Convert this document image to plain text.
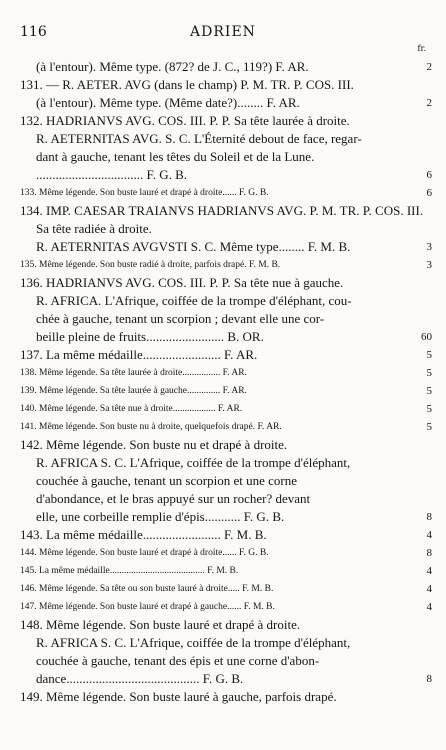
116	ADRIEN
fr.
(à l'entour). Même type. (872? de J. C., 119?) F. AR.	2
131. — R. AETER. AVG (dans le champ) P. M. TR. P. COS. III.
(à l'entour). Même type. (Même date?)........ F. AR.	2
132. HADRIANVS AVG. COS. III. P. P. Sa tête laurée à droite.
R. AETERNITAS AVG. S. C. L'Éternité debout de face, regar-
dant à gauche, tenant les têtes du Soleil et de la Lune.
................................. F. G. B.	6
133. Même légende. Son buste lauré et drapé à droite...... F. G. B.	6
134. IMP. CAESAR TRAIANVS HADRIANVS AVG. P. M. TR. P. COS. III.
Sa tête radiée à droite.
R. AETERNITAS AVGVSTI S. C. Même type........ F. M. B.	3
135. Même légende. Son buste radié à droite, parfois drapé. F. M. B.	3
136. HADRIANVS AVG. COS. III. P. P. Sa tête nue à gauche.
R. AFRICA. L'Afrique, coiffée de la trompe d'éléphant, cou-
chée à gauche, tenant un scorpion ; devant elle une cor-
beille pleine de fruits........................ B. OR.	60
137. La même médaille........................ F. AR.	5
138. Même légende. Sa tête laurée à droite................ F. AR.	5
139. Même légende. Sa tête laurée à gauche.............. F. AR.	5
140. Même légende. Sa tête nue à droite.................. F. AR.	5
141. Même légende. Son buste nu à droite, quelquefois drapé. F. AR.	5
142. Même légende. Son buste nu et drapé à droite.
R. AFRICA S. C. L'Afrique, coiffée de la trompe d'éléphant,
couchée à gauche, tenant un scorpion et une corne
d'abondance, et le bras appuyé sur un rocher? devant
elle, une corbeille remplie d'épis........... F. G. B.	8
143. La même médaille........................ F. M. B.	4
144. Même légende. Son buste lauré et drapé à droite...... F. G. B.	8
145. La même médaille........................................ F. M. B.	4
146. Même légende. Sa tête ou son buste lauré à droite..... F. M. B.	4
147. Même légende. Son buste lauré et drapé à gauche...... F. M. B.	4
148. Même légende. Son buste lauré et drapé à droite.
R. AFRICA S. C. L'Afrique, coiffée de la trompe d'éléphant,
couchée à gauche, tenant des épis et une corne d'abon-
dance......................................... F. G. B.	8
149. Même légende. Son buste lauré à gauche, parfois drapé.
